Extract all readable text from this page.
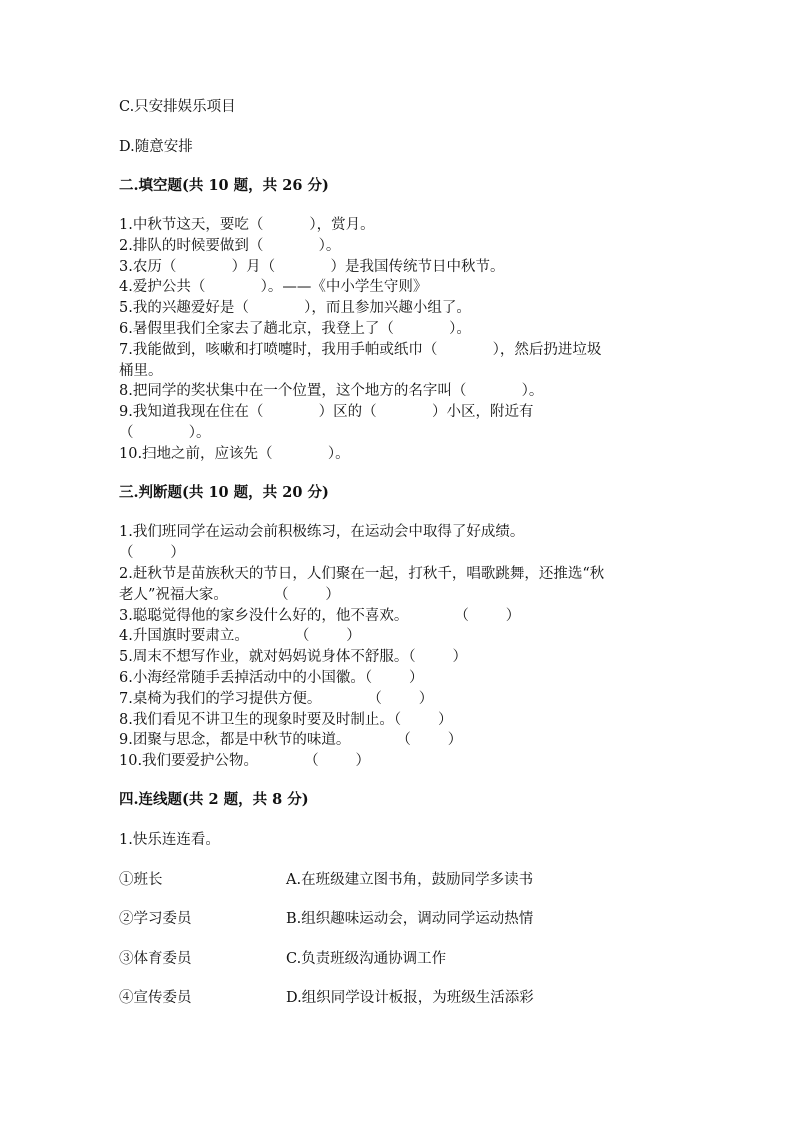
C.只安排娱乐项目
D.随意安排
二.填空题(共 10 题，共 26 分)
1.中秋节这天，要吃（          ），赏月。
2.排队的时候要做到（            ）。
3.农历（            ）月（            ）是我国传统节日中秋节。
4.爱护公共（            ）。——《中小学生守则》
5.我的兴趣爱好是（            ），而且参加兴趣小组了。
6.暑假里我们全家去了趟北京，我登上了（            ）。
7.我能做到，咳嗽和打喷嚏时，我用手帕或纸巾（            ），然后扔进垃圾
桶里。
8.把同学的奖状集中在一个位置，这个地方的名字叫（            ）。
9.我知道我现在住在（            ）区的（            ）小区，附近有
（            ）。
10.扫地之前，应该先（            ）。
三.判断题(共 10 题，共 20 分)
1.我们班同学在运动会前积极练习，在运动会中取得了好成绩。
（        ）
2.赶秋节是苗族秋天的节日，人们聚在一起，打秋千，唱歌跳舞，还推选“秋
老人”祝福大家。          （        ）
3.聪聪觉得他的家乡没什么好的，他不喜欢。          （        ）
4.升国旗时要肃立。          （        ）
5.周末不想写作业，就对妈妈说身体不舒服。（        ）
6.小海经常随手丢掉活动中的小国徽。（        ）
7.桌椅为我们的学习提供方便。          （        ）
8.我们看见不讲卫生的现象时要及时制止。（        ）
9.团聚与思念，都是中秋节的味道。          （        ）
10.我们要爱护公物。          （        ）
四.连线题(共 2 题，共 8 分)
1.快乐连连看。
①班长	A.在班级建立图书角，鼓励同学多读书
②学习委员	B.组织趣味运动会，调动同学运动热情
③体育委员	C.负责班级沟通协调工作
④宣传委员	D.组织同学设计板报，为班级生活添彩
